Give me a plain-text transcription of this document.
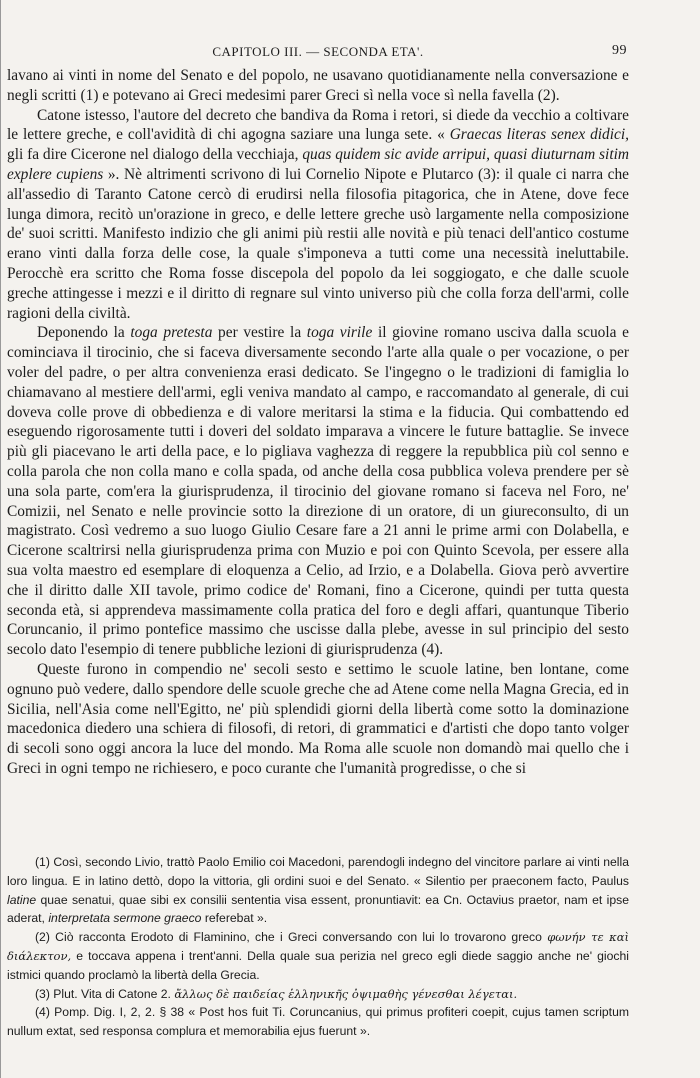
CAPITOLO III. — SECONDA ETA'.	99

lavano ai vinti in nome del Senato e del popolo, ne usavano quotidianamente nella conversazione e negli scritti (1) e potevano ai Greci medesimi parer Greci sì nella voce sì nella favella (2).

Catone istesso, l'autore del decreto che bandiva da Roma i retori, si diede da vecchio a coltivare le lettere greche, e coll'avidità di chi agogna saziare una lunga sete. « Graecas literas senex didici, gli fa dire Cicerone nel dialogo della vecchiaja, quas quidem sic avide arripui, quasi diuturnam sitim explere cupiens ». Nè altrimenti scrivono di lui Cornelio Nipote e Plutarco (3): il quale ci narra che all'assedio di Taranto Catone cercò di erudirsi nella filosofia pitagorica, che in Atene, dove fece lunga dimora, recitò un'orazione in greco, e delle lettere greche usò largamente nella composizione de' suoi scritti. Manifesto indizio che gli animi più restii alle novità e più tenaci dell'antico costume erano vinti dalla forza delle cose, la quale s'imponeva a tutti come una necessità ineluttabile. Perocchè era scritto che Roma fosse discepola del popolo da lei soggiogato, e che dalle scuole greche attingesse i mezzi e il diritto di regnare sul vinto universo più che colla forza dell'armi, colle ragioni della civiltà.

Deponendo la toga pretesta per vestire la toga virile il giovine romano usciva dalla scuola e cominciava il tirocinio, che si faceva diversamente secondo l'arte alla quale o per vocazione, o per voler del padre, o per altra convenienza erasi dedicato. Se l'ingegno o le tradizioni di famiglia lo chiamavano al mestiere dell'armi, egli veniva mandato al campo, e raccomandato al generale, di cui doveva colle prove di obbedienza e di valore meritarsi la stima e la fiducia. Qui combattendo ed eseguendo rigorosamente tutti i doveri del soldato imparava a vincere le future battaglie. Se invece più gli piacevano le arti della pace, e lo pigliava vaghezza di reggere la repubblica più col senno e colla parola che non colla mano e colla spada, od anche della cosa pubblica voleva prendere per sè una sola parte, com'era la giurisprudenza, il tirocinio del giovane romano si faceva nel Foro, ne' Comizii, nel Senato e nelle provincie sotto la direzione di un oratore, di un giureconsulto, di un magistrato. Così vedremo a suo luogo Giulio Cesare fare a 21 anni le prime armi con Dolabella, e Cicerone scaltrirsi nella giurisprudenza prima con Muzio e poi con Quinto Scevola, per essere alla sua volta maestro ed esemplare di eloquenza a Celio, ad Irzio, e a Dolabella. Giova però avvertire che il diritto dalle XII tavole, primo codice de' Romani, fino a Cicerone, quindi per tutta questa seconda età, si apprendeva massimamente colla pratica del foro e degli affari, quantunque Tiberio Coruncanio, il primo pontefice massimo che uscisse dalla plebe, avesse in sul principio del sesto secolo dato l'esempio di tenere pubbliche lezioni di giurisprudenza (4).

Queste furono in compendio ne' secoli sesto e settimo le scuole latine, ben lontane, come ognuno può vedere, dallo spendore delle scuole greche che ad Atene come nella Magna Grecia, ed in Sicilia, nell'Asia come nell'Egitto, ne' più splendidi giorni della libertà come sotto la dominazione macedonica diedero una schiera di filosofi, di retori, di grammatici e d'artisti che dopo tanto volger di secoli sono oggi ancora la luce del mondo. Ma Roma alle scuole non domandò mai quello che i Greci in ogni tempo ne richiesero, e poco curante che l'umanità progredisse, o che si

(1) Così, secondo Livio, trattò Paolo Emilio coi Macedoni, parendogli indegno del vincitore parlare ai vinti nella loro lingua. E in latino dettò, dopo la vittoria, gli ordini suoi e del Senato. « Silentio per praeconem facto, Paulus latine quae senatui, quae sibi ex consilii sententia visa essent, pronuntiavit: ea Cn. Octavius praetor, nam et ipse aderat, interpretata sermone graeco referebat ».

(2) Ciò racconta Erodoto di Flaminino, che i Greci conversando con lui lo trovarono greco φωνήν τε καὶ διάλεκτον, e toccava appena i trent'anni. Della quale sua perizia nel greco egli diede saggio anche ne' giochi istmici quando proclamò la libertà della Grecia.

(3) Plut. Vita di Catone 2. ἄλλως δὲ παιδείας ἑλληνικῆς ὀψιμαθὴς γένεσθαι λέγεται.

(4) Pomp. Dig. I, 2, 2. § 38 « Post hos fuit Ti. Coruncanius, qui primus profiteri coepit, cujus tamen scriptum nullum extat, sed responsa complura et memorabilia ejus fuerunt ».
